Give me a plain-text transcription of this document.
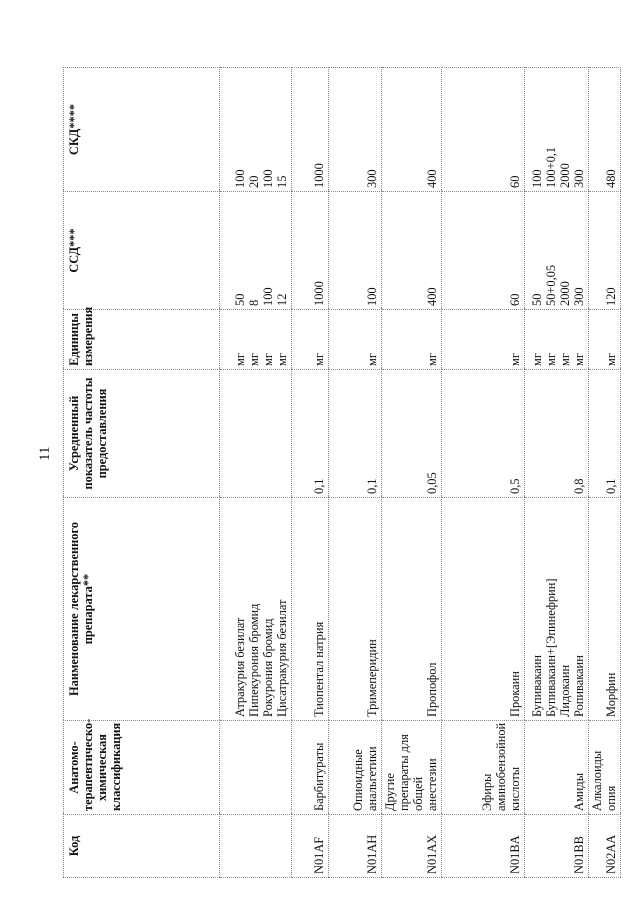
11
Код	Анатомо-терапевтическо-химическая классификация	Наименование лекарственного препарата**	Усредненный показатель частоты предоставления	Единицы измерения	ССД***	СКД****

		Атракурия безилат Пипекурония бромид Рокурония бромид Цисатракурия безилат		мг мг мг мг	50 8 100 12	100 20 100 15

N01AF	Барбитураты	Тиопентал натрия	0,1	мг	1000	1000

N01AH	Опиоидные анальгетики	Тримеперидин	0,1	мг	100	300

N01AX	Другие препараты для общей анестезии	Пропофол	0,05	мг	400	400

N01BA	Эфиры аминобензойной кислоты	Прокаин	0,5	мг	60	60

N01BB	Амиды	Бупивакаин Бупивакаин+[Эпинефрин] Лидокаин Ропивакаин	0,8	мг мг мг мг	50 50+0,05 2000 300	100 100+0,1 2000 300

N02AA	Алкалоиды опия	Морфин	0,1	мг	120	480
